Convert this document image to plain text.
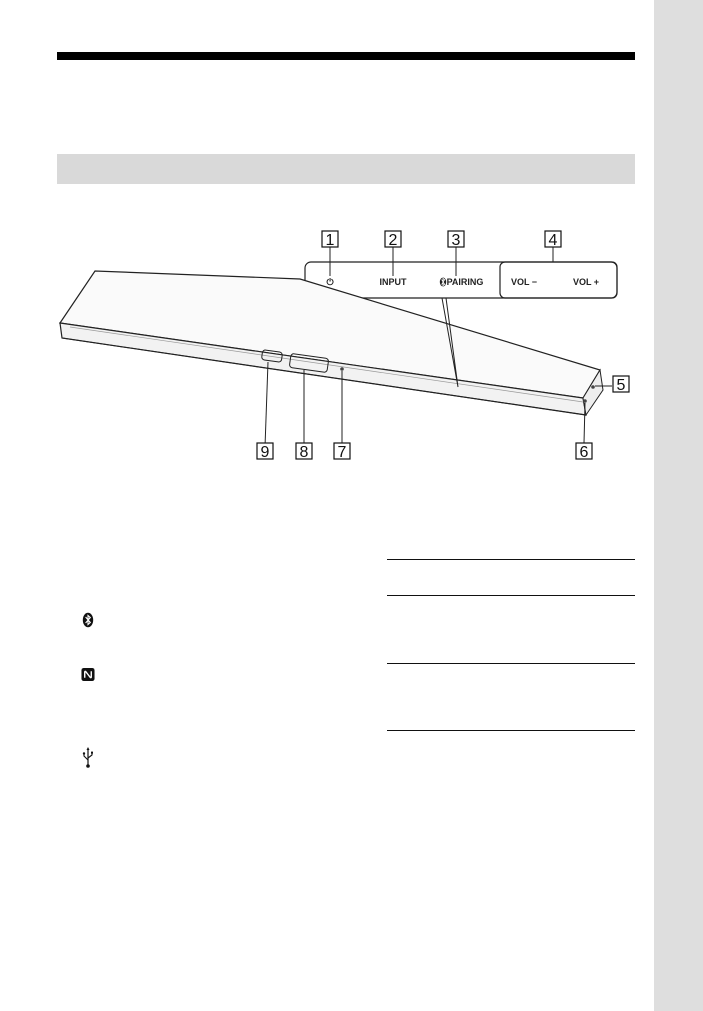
⏻	INPUT	PAIRING	VOL −	VOL +
1	2	3	4
5
6
7
8
9
